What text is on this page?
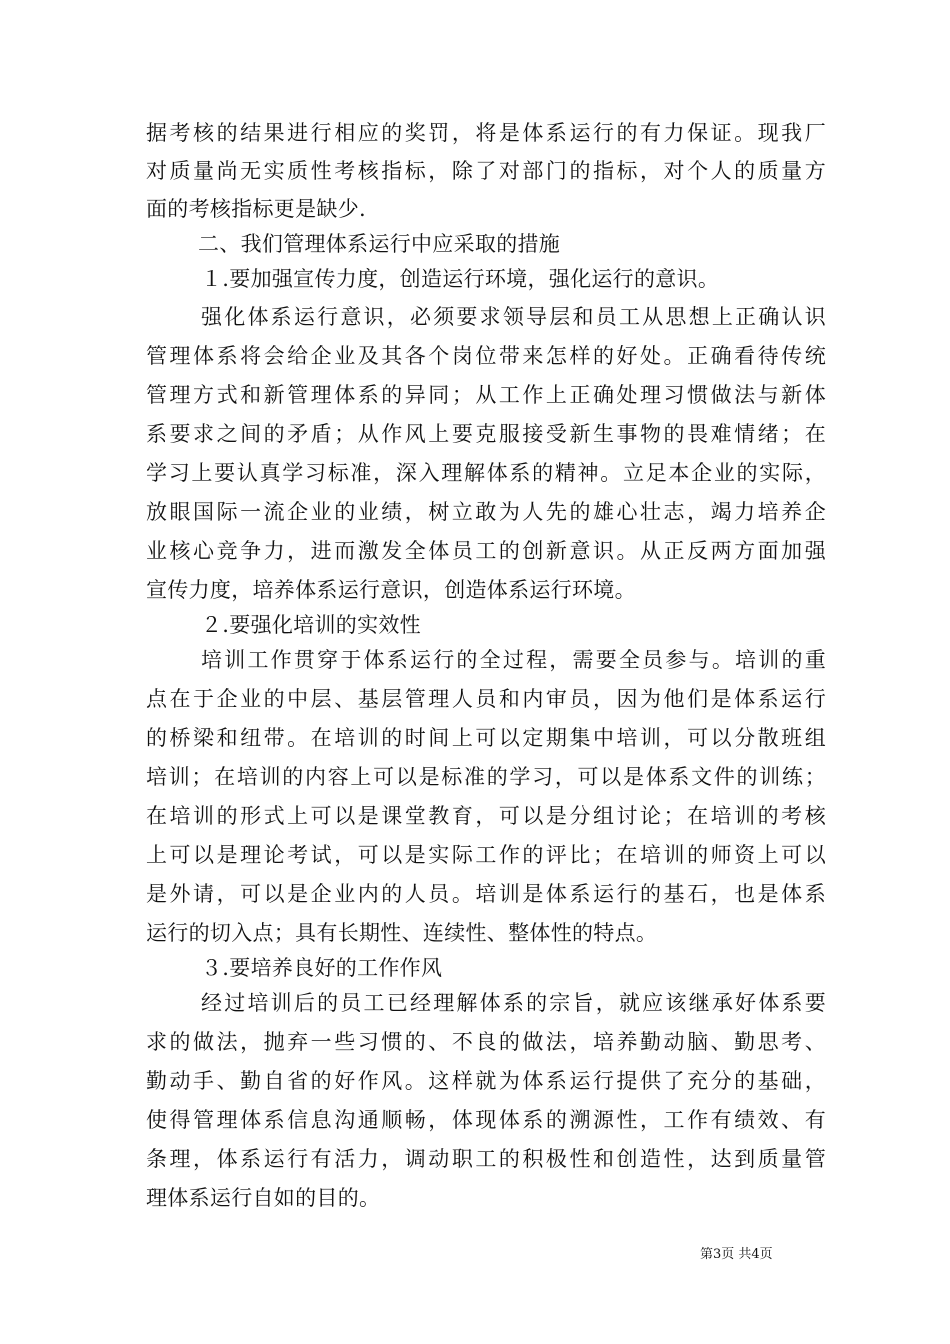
据考核的结果进行相应的奖罚，将是体系运行的有力保证。现我厂
对质量尚无实质性考核指标，除了对部门的指标，对个人的质量方
面的考核指标更是缺少.
二、我们管理体系运行中应采取的措施
１.要加强宣传力度，创造运行环境，强化运行的意识。
强化体系运行意识，必须要求领导层和员工从思想上正确认识
管理体系将会给企业及其各个岗位带来怎样的好处。正确看待传统
管理方式和新管理体系的异同；从工作上正确处理习惯做法与新体
系要求之间的矛盾；从作风上要克服接受新生事物的畏难情绪；在
学习上要认真学习标准，深入理解体系的精神。立足本企业的实际，
放眼国际一流企业的业绩，树立敢为人先的雄心壮志，竭力培养企
业核心竞争力，进而激发全体员工的创新意识。从正反两方面加强
宣传力度，培养体系运行意识，创造体系运行环境。
２.要强化培训的实效性
培训工作贯穿于体系运行的全过程，需要全员参与。培训的重
点在于企业的中层、基层管理人员和内审员，因为他们是体系运行
的桥梁和纽带。在培训的时间上可以定期集中培训，可以分散班组
培训；在培训的内容上可以是标准的学习，可以是体系文件的训练；
在培训的形式上可以是课堂教育，可以是分组讨论；在培训的考核
上可以是理论考试，可以是实际工作的评比；在培训的师资上可以
是外请，可以是企业内的人员。培训是体系运行的基石，也是体系
运行的切入点；具有长期性、连续性、整体性的特点。
３.要培养良好的工作作风
经过培训后的员工已经理解体系的宗旨，就应该继承好体系要
求的做法，抛弃一些习惯的、不良的做法，培养勤动脑、勤思考、
勤动手、勤自省的好作风。这样就为体系运行提供了充分的基础，
使得管理体系信息沟通顺畅，体现体系的溯源性，工作有绩效、有
条理，体系运行有活力，调动职工的积极性和创造性，达到质量管
理体系运行自如的目的。
第3页 共4页
